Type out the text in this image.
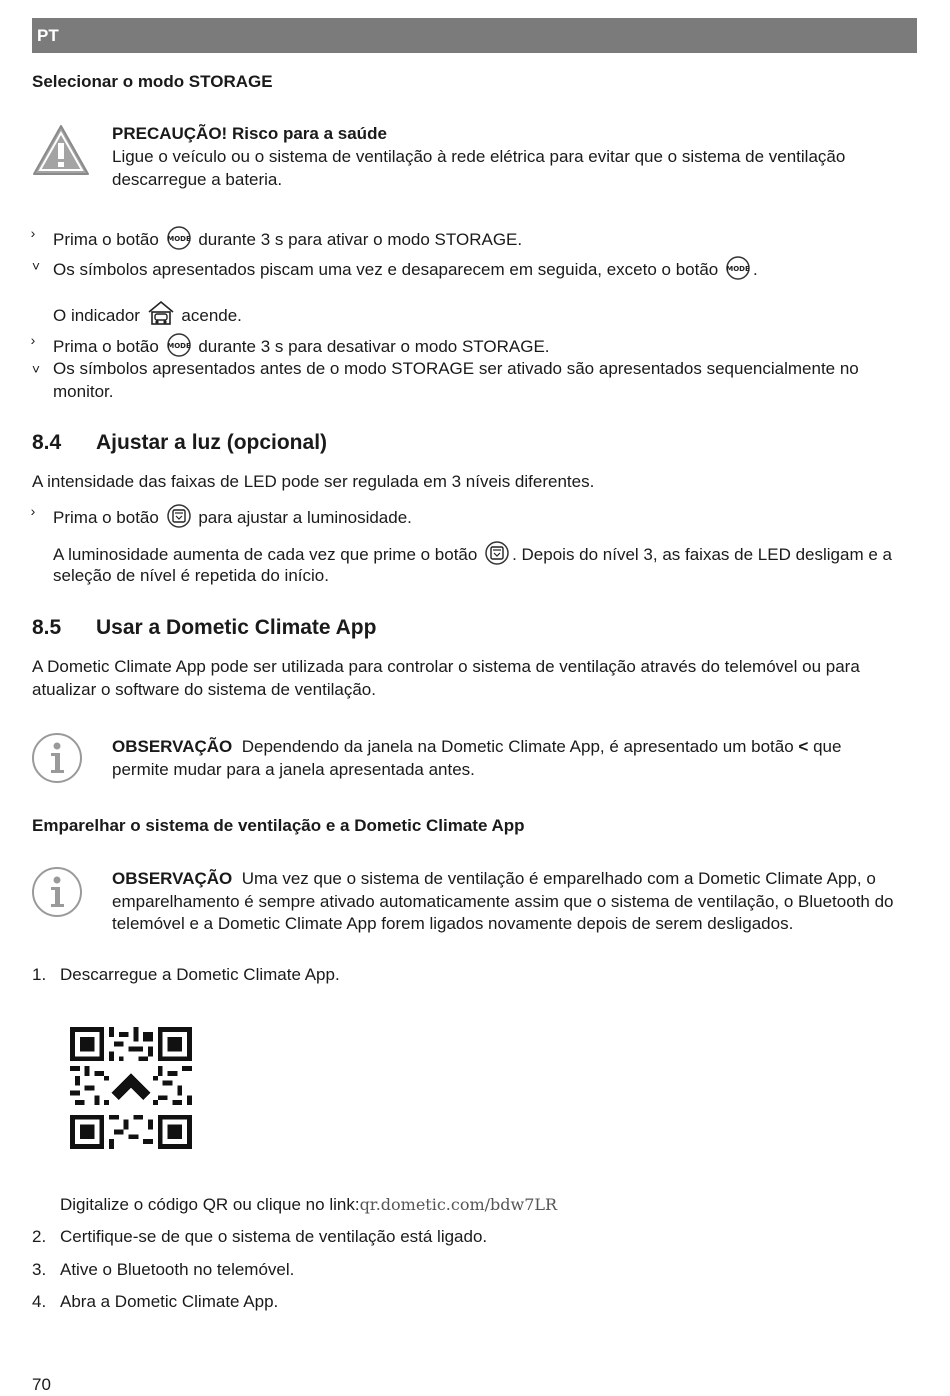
PT
Selecionar o modo STORAGE
PRECAUÇÃO! Risco para a saúde
Ligue o veículo ou o sistema de ventilação à rede elétrica para evitar que o sistema de ventilação
descarregue a bateria.
› Prima o botão MODE durante 3 s para ativar o modo STORAGE.
˅ Os símbolos apresentados piscam uma vez e desaparecem em seguida, exceto o botão MODE .
O indicador acende.
› Prima o botão MODE durante 3 s para desativar o modo STORAGE.
˅ Os símbolos apresentados antes de o modo STORAGE ser ativado são apresentados sequencialmente no
monitor.
8.4 Ajustar a luz (opcional)
A intensidade das faixas de LED pode ser regulada em 3 níveis diferentes.
› Prima o botão para ajustar a luminosidade.
A luminosidade aumenta de cada vez que prime o botão . Depois do nível 3, as faixas de LED desligam e a
seleção de nível é repetida do início.
8.5 Usar a Dometic Climate App
A Dometic Climate App pode ser utilizada para controlar o sistema de ventilação através do telemóvel ou para
atualizar o software do sistema de ventilação.
OBSERVAÇÃO Dependendo da janela na Dometic Climate App, é apresentado um botão < que
permite mudar para a janela apresentada antes.
Emparelhar o sistema de ventilação e a Dometic Climate App
OBSERVAÇÃO Uma vez que o sistema de ventilação é emparelhado com a Dometic Climate App, o
emparelhamento é sempre ativado automaticamente assim que o sistema de ventilação, o Bluetooth do
telemóvel e a Dometic Climate App forem ligados novamente depois de serem desligados.
1. Descarregue a Dometic Climate App.
Digitalize o código QR ou clique no link:qr.dometic.com/bdw7LR
2. Certifique-se de que o sistema de ventilação está ligado.
3. Ative o Bluetooth no telemóvel.
4. Abra a Dometic Climate App.
70
